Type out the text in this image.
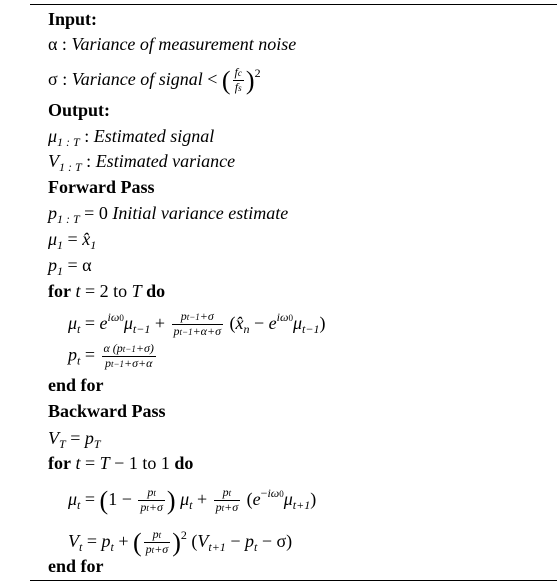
Input:
α : Variance of measurement noise
σ : Variance of signal < ( $\frac{fc}{fs} )^2$
Output:
$\mu_{1 : T}$ : Estimated signal
$V_{1 : T}$ : Estimated variance
Forward Pass
$p_{1 : T} = 0$ Initial variance estimate
$\mu_1$ = $x̂_1$
$p_1 = \alpha$
for t = 2 to T do
$\mu_t = e^{i\omega 0}\mu_{t-1} + \frac{pt-1+\sigma}{pt-1+\alpha+\sigma}$ $(x̂_n - e^{i\omega 0}\mu_{t-1})$
$p_t = \frac{\alpha (pt-1+\sigma)}{pt-1+\sigma+\alpha}$
end for
Backward Pass
$V_T = p_T$
for t = T − 1 to 1 do
$\mu_t = (1 - \frac{pt}{pt+\sigma}$ ) $\mu_t + \frac{pt}{pt+\sigma} (e^{-i\omega 0}\mu_{t+1})$
$V_t = p_t$ + ( $\frac{pt}{pt+\sigma} )^2$ $(V_{t+1} - p_t - \sigma)$
end for
